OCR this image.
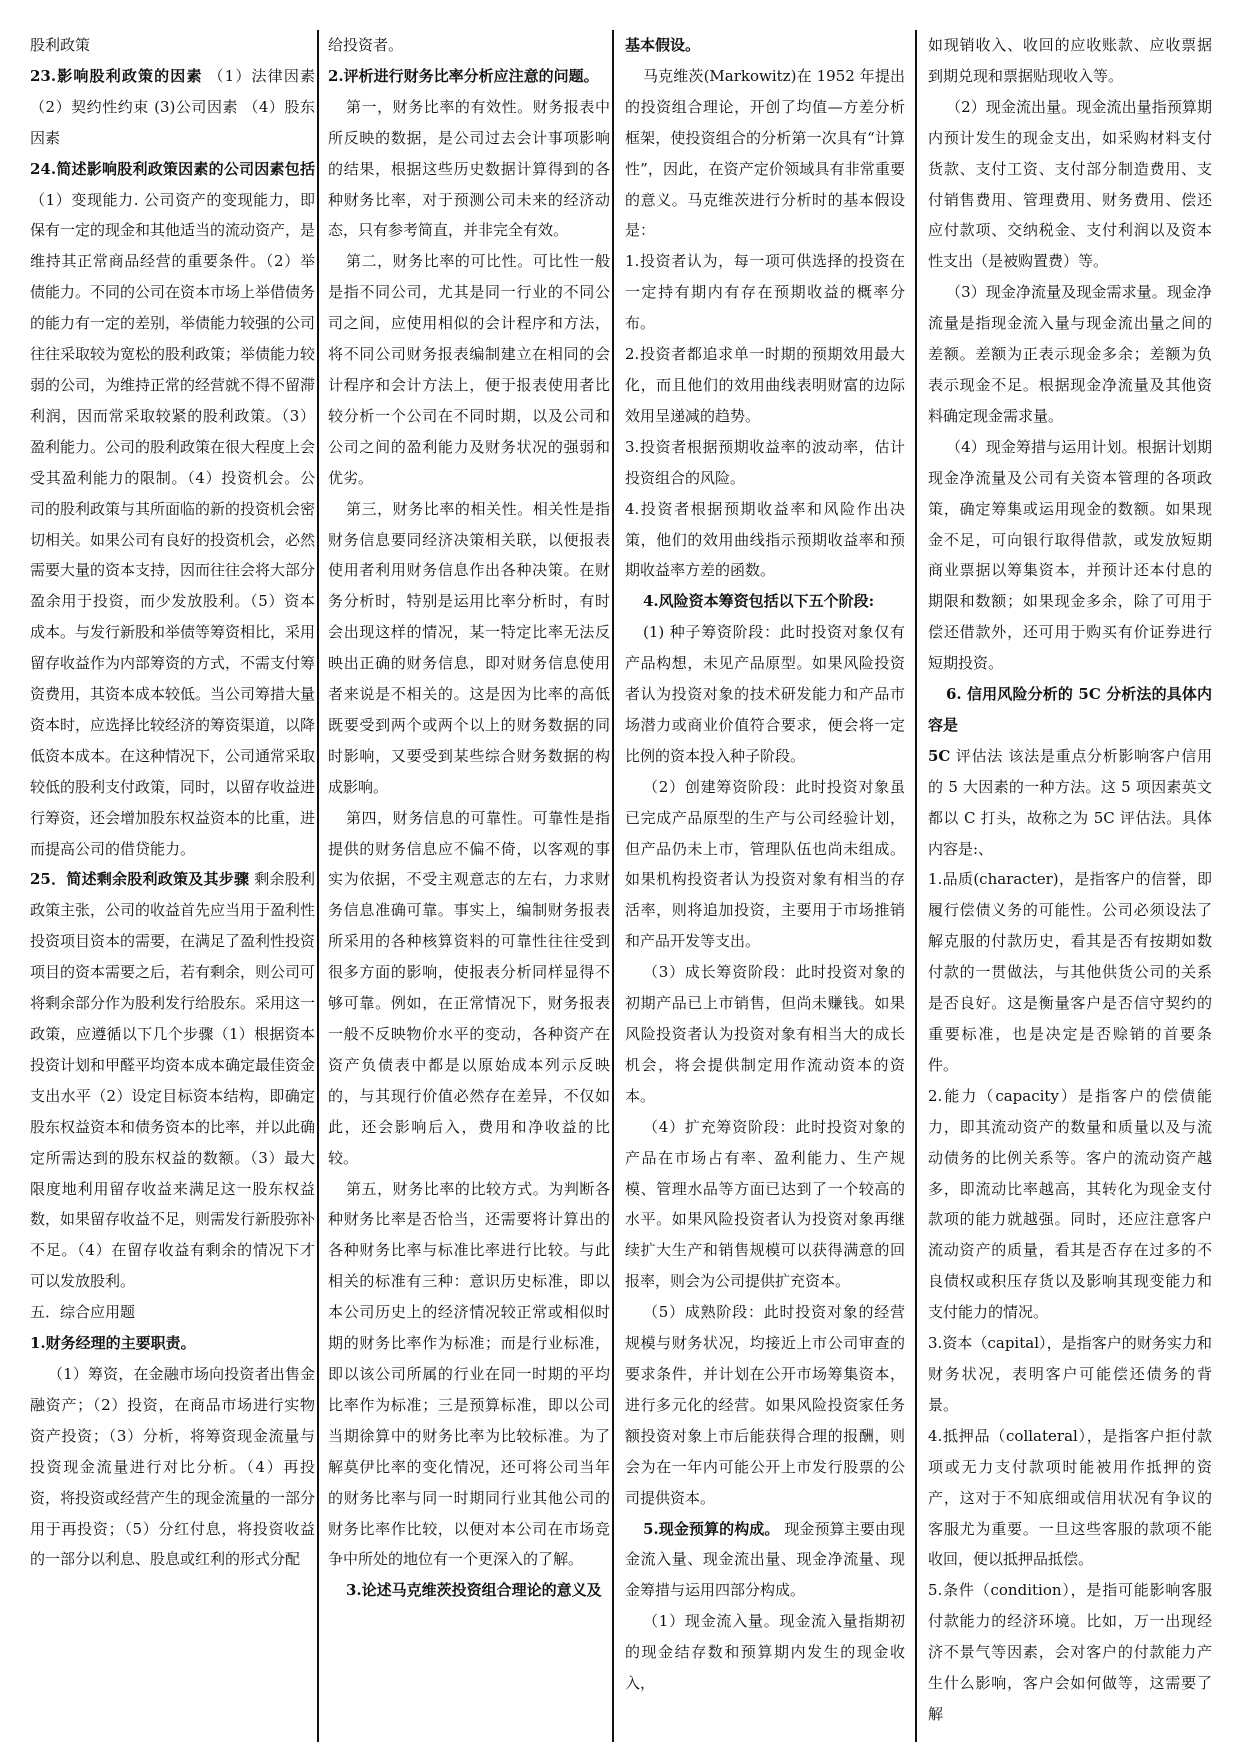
股利政策

23.影响股利政策的因素 （1）法律因素（2）契约性约束 (3)公司因素 （4）股东因素

24.简述影响股利政策因素的公司因素包括 （1）变现能力. 公司资产的变现能力，即保有一定的现金和其他适当的流动资产，是维持其正常商品经营的重要条件。（2）举债能力。不同的公司在资本市场上举借债务的能力有一定的差别，举债能力较强的公司往往采取较为宽松的股利政策；举债能力较弱的公司，为维持正常的经营就不得不留滞利润，因而常采取较紧的股利政策。（3）盈利能力。公司的股利政策在很大程度上会受其盈利能力的限制。（4）投资机会。公司的股利政策与其所面临的新的投资机会密切相关。如果公司有良好的投资机会，必然需要大量的资本支持，因而往往会将大部分盈余用于投资，而少发放股利。（5）资本成本。与发行新股和举债等筹资相比，采用留存收益作为内部筹资的方式，不需支付筹资费用，其资本成本较低。当公司筹措大量资本时，应选择比较经济的筹资渠道，以降低资本成本。在这种情况下，公司通常采取较低的股利支付政策，同时，以留存收益进行筹资，还会增加股东权益资本的比重，进而提高公司的借贷能力。

25．简述剩余股利政策及其步骤 剩余股利政策主张，公司的收益首先应当用于盈利性投资项目资本的需要，在满足了盈利性投资项目的资本需要之后，若有剩余，则公司可将剩余部分作为股利发行给股东。采用这一政策，应遵循以下几个步骤（1）根据资本投资计划和甲醛平均资本成本确定最佳资金支出水平（2）设定目标资本结构，即确定股东权益资本和债务资本的比率，并以此确定所需达到的股东权益的数额。（3）最大限度地利用留存收益来满足这一股东权益数，如果留存收益不足，则需发行新股弥补不足。（4）在留存收益有剩余的情况下才可以发放股利。

五．综合应用题

1.财务经理的主要职责。

（1）筹资，在金融市场向投资者出售金融资产；（2）投资，在商品市场进行实物资产投资；（3）分析，将筹资现金流量与投资现金流量进行对比分析。（4）再投资，将投资或经营产生的现金流量的一部分用于再投资；（5）分红付息，将投资收益的一部分以利息、股息或红利的形式分配

给投资者。

2.评析进行财务比率分析应注意的问题。

第一，财务比率的有效性。财务报表中所反映的数据，是公司过去会计事项影响的结果，根据这些历史数据计算得到的各种财务比率，对于预测公司未来的经济动态，只有参考简直，并非完全有效。

第二，财务比率的可比性。可比性一般是指不同公司，尤其是同一行业的不同公司之间，应使用相似的会计程序和方法，将不同公司财务报表编制建立在相同的会计程序和会计方法上，便于报表使用者比较分析一个公司在不同时期，以及公司和公司之间的盈利能力及财务状况的强弱和优劣。

第三，财务比率的相关性。相关性是指财务信息要同经济决策相关联，以便报表使用者利用财务信息作出各种决策。在财务分析时，特别是运用比率分析时，有时会出现这样的情况，某一特定比率无法反映出正确的财务信息，即对财务信息使用者来说是不相关的。这是因为比率的高低既要受到两个或两个以上的财务数据的同时影响，又要受到某些综合财务数据的构成影响。

第四，财务信息的可靠性。可靠性是指提供的财务信息应不偏不倚，以客观的事实为依据，不受主观意志的左右，力求财务信息准确可靠。事实上，编制财务报表所采用的各种核算资料的可靠性往往受到很多方面的影响，使报表分析同样显得不够可靠。例如，在正常情况下，财务报表一般不反映物价水平的变动，各种资产在资产负债表中都是以原始成本列示反映的，与其现行价值必然存在差异，不仅如此，还会影响后入，费用和净收益的比较。

第五，财务比率的比较方式。为判断各种财务比率是否恰当，还需要将计算出的各种财务比率与标准比率进行比较。与此相关的标准有三种：意识历史标准，即以本公司历史上的经济情况较正常或相似时期的财务比率作为标准；而是行业标准，即以该公司所属的行业在同一时期的平均比率作为标准；三是预算标准，即以公司当期徐算中的财务比率为比较标准。为了解莫伊比率的变化情况，还可将公司当年的财务比率与同一时期同行业其他公司的财务比率作比较，以便对本公司在市场竞争中所处的地位有一个更深入的了解。

3.论述马克维茨投资组合理论的意义及

基本假设。

马克维茨(Markowitz)在 1952 年提出的投资组合理论，开创了均值—方差分析框架，使投资组合的分析第一次具有“计算性”，因此，在资产定价领域具有非常重要的意义。马克维茨进行分析时的基本假设是：

1.投资者认为，每一项可供选择的投资在一定持有期内有存在预期收益的概率分布。

2.投资者都追求单一时期的预期效用最大化，而且他们的效用曲线表明财富的边际效用呈递减的趋势。

3.投资者根据预期收益率的波动率，估计投资组合的风险。

4.投资者根据预期收益率和风险作出决策，他们的效用曲线指示预期收益率和预期收益率方差的函数。

4.风险资本筹资包括以下五个阶段:

(1) 种子筹资阶段：此时投资对象仅有产品构想，未见产品原型。如果风险投资者认为投资对象的技术研发能力和产品市场潜力或商业价值符合要求，便会将一定比例的资本投入种子阶段。

（2）创建筹资阶段：此时投资对象虽已完成产品原型的生产与公司经验计划，但产品仍未上市，管理队伍也尚未组成。如果机构投资者认为投资对象有相当的存活率，则将追加投资，主要用于市场推销和产品开发等支出。

（3）成长筹资阶段：此时投资对象的初期产品已上市销售，但尚未赚钱。如果风险投资者认为投资对象有相当大的成长机会，将会提供制定用作流动资本的资本。

（4）扩充筹资阶段：此时投资对象的产品在市场占有率、盈利能力、生产规模、管理水品等方面已达到了一个较高的水平。如果风险投资者认为投资对象再继续扩大生产和销售规模可以获得满意的回报率，则会为公司提供扩充资本。

（5）成熟阶段：此时投资对象的经营规模与财务状况，均接近上市公司审查的要求条件，并计划在公开市场筹集资本，进行多元化的经营。如果风险投资家任务额投资对象上市后能获得合理的报酬，则会为在一年内可能公开上市发行股票的公司提供资本。

5.现金预算的构成。 现金预算主要由现金流入量、现金流出量、现金净流量、现金筹措与运用四部分构成。

（1）现金流入量。现金流入量指期初的现金结存数和预算期内发生的现金收入，

如现销收入、收回的应收账款、应收票据到期兑现和票据贴现收入等。

（2）现金流出量。现金流出量指预算期内预计发生的现金支出，如采购材料支付货款、支付工资、支付部分制造费用、支付销售费用、管理费用、财务费用、偿还应付款项、交纳税金、支付利润以及资本性支出（是被购置费）等。

（3）现金净流量及现金需求量。现金净流量是指现金流入量与现金流出量之间的差额。差额为正表示现金多余；差额为负表示现金不足。根据现金净流量及其他资料确定现金需求量。

（4）现金筹措与运用计划。根据计划期现金净流量及公司有关资本管理的各项政策，确定筹集或运用现金的数额。如果现金不足，可向银行取得借款，或发放短期商业票据以筹集资本，并预计还本付息的期限和数额；如果现金多余，除了可用于偿还借款外，还可用于购买有价证券进行短期投资。

6. 信用风险分析的 5C 分析法的具体内容是

5C 评估法 该法是重点分析影响客户信用的 5 大因素的一种方法。这 5 项因素英文都以 C 打头，故称之为 5C 评估法。具体内容是:、

1.品质(character)，是指客户的信誉，即履行偿债义务的可能性。公司必须设法了解克服的付款历史，看其是否有按期如数付款的一贯做法，与其他供货公司的关系是否良好。这是衡量客户是否信守契约的重要标准，也是决定是否赊销的首要条件。

2.能力（capacity）是指客户的偿债能力，即其流动资产的数量和质量以及与流动债务的比例关系等。客户的流动资产越多，即流动比率越高，其转化为现金支付款项的能力就越强。同时，还应注意客户流动资产的质量，看其是否存在过多的不良债权或积压存货以及影响其现变能力和支付能力的情况。

3.资本（capital），是指客户的财务实力和财务状况，表明客户可能偿还债务的背景。

4.抵押品（collateral），是指客户拒付款项或无力支付款项时能被用作抵押的资产，这对于不知底细或信用状况有争议的客服尤为重要。一旦这些客服的款项不能收回，便以抵押品抵偿。

5.条件（condition），是指可能影响客服付款能力的经济环境。比如，万一出现经济不景气等因素，会对客户的付款能力产生什么影响，客户会如何做等，这需要了解
